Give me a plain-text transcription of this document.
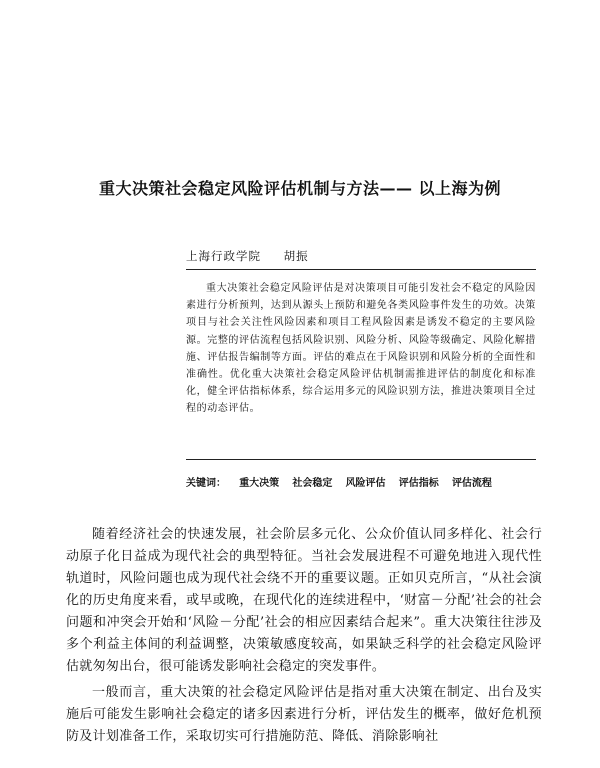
重大决策社会稳定风险评估机制与方法—— 以上海为例
上海行政学院 胡振
重大决策社会稳定风险评估是对决策项目可能引发社会不稳定的风险因素进行分析预判，达到从源头上预防和避免各类风险事件发生的功效。决策项目与社会关注性风险因素和项目工程风险因素是诱发不稳定的主要风险源。完整的评估流程包括风险识别、风险分析、风险等级确定、风险化解措施、评估报告编制等方面。评估的难点在于风险识别和风险分析的全面性和准确性。优化重大决策社会稳定风险评估机制需推进评估的制度化和标准化，健全评估指标体系，综合运用多元的风险识别方法，推进决策项目全过程的动态评估。
关键词： 重大决策 社会稳定 风险评估 评估指标 评估流程

随着经济社会的快速发展，社会阶层多元化、公众价值认同多样化、社会行动原子化日益成为现代社会的典型特征。当社会发展进程不可避免地进入现代性轨道时，风险问题也成为现代社会绕不开的重要议题。正如贝克所言，“从社会演化的历史角度来看，或早或晚，在现代化的连续进程中，‘财富－分配’社会的社会问题和冲突会开始和‘风险－分配’社会的相应因素结合起来”。重大决策往往涉及多个利益主体间的利益调整，决策敏感度较高，如果缺乏科学的社会稳定风险评估就匆匆出台，很可能诱发影响社会稳定的突发事件。

一般而言，重大决策的社会稳定风险评估是指对重大决策在制定、出台及实施后可能发生影响社会稳定的诸多因素进行分析，评估发生的概率，做好危机预防及计划准备工作，采取切实可行措施防范、降低、消除影响社
